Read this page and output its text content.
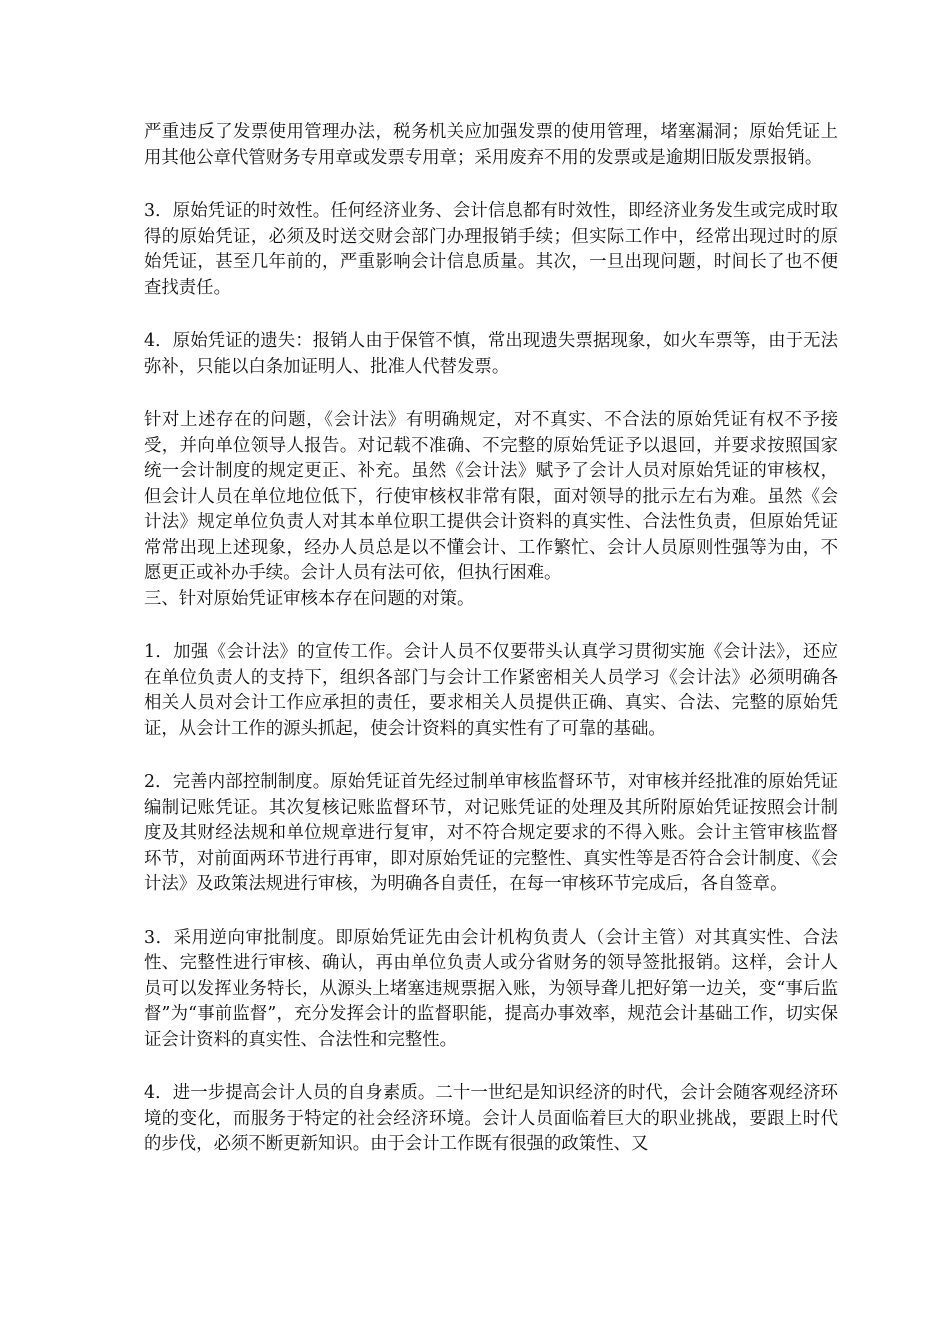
严重违反了发票使用管理办法，税务机关应加强发票的使用管理，堵塞漏洞；原始凭证上用其他公章代管财务专用章或发票专用章；采用废弃不用的发票或是逾期旧版发票报销。

3．原始凭证的时效性。任何经济业务、会计信息都有时效性，即经济业务发生或完成时取得的原始凭证，必须及时送交财会部门办理报销手续；但实际工作中，经常出现过时的原始凭证，甚至几年前的，严重影响会计信息质量。其次，一旦出现问题，时间长了也不便查找责任。

4．原始凭证的遗失：报销人由于保管不慎，常出现遗失票据现象，如火车票等，由于无法弥补，只能以白条加证明人、批准人代替发票。

针对上述存在的问题，《会计法》有明确规定，对不真实、不合法的原始凭证有权不予接受，并向单位领导人报告。对记载不准确、不完整的原始凭证予以退回，并要求按照国家统一会计制度的规定更正、补充。虽然《会计法》赋予了会计人员对原始凭证的审核权，但会计人员在单位地位低下，行使审核权非常有限，面对领导的批示左右为难。虽然《会计法》规定单位负责人对其本单位职工提供会计资料的真实性、合法性负责，但原始凭证常常出现上述现象，经办人员总是以不懂会计、工作繁忙、会计人员原则性强等为由，不愿更正或补办手续。会计人员有法可依，但执行困难。

三、针对原始凭证审核本存在问题的对策。

1．加强《会计法》的宣传工作。会计人员不仅要带头认真学习贯彻实施《会计法》，还应在单位负责人的支持下，组织各部门与会计工作紧密相关人员学习《会计法》必须明确各相关人员对会计工作应承担的责任，要求相关人员提供正确、真实、合法、完整的原始凭证，从会计工作的源头抓起，使会计资料的真实性有了可靠的基础。

2．完善内部控制制度。原始凭证首先经过制单审核监督环节，对审核并经批准的原始凭证编制记账凭证。其次复核记账监督环节，对记账凭证的处理及其所附原始凭证按照会计制度及其财经法规和单位规章进行复审，对不符合规定要求的不得入账。会计主管审核监督环节，对前面两环节进行再审，即对原始凭证的完整性、真实性等是否符合会计制度、《会计法》及政策法规进行审核，为明确各自责任，在每一审核环节完成后，各自签章。

3．采用逆向审批制度。即原始凭证先由会计机构负责人（会计主管）对其真实性、合法性、完整性进行审核、确认，再由单位负责人或分省财务的领导签批报销。这样，会计人员可以发挥业务特长，从源头上堵塞违规票据入账，为领导聋儿把好第一边关，变“事后监督”为“事前监督”，充分发挥会计的监督职能，提高办事效率，规范会计基础工作，切实保证会计资料的真实性、合法性和完整性。

4．进一步提高会计人员的自身素质。二十一世纪是知识经济的时代，会计会随客观经济环境的变化，而服务于特定的社会经济环境。会计人员面临着巨大的职业挑战，要跟上时代的步伐，必须不断更新知识。由于会计工作既有很强的政策性、又
